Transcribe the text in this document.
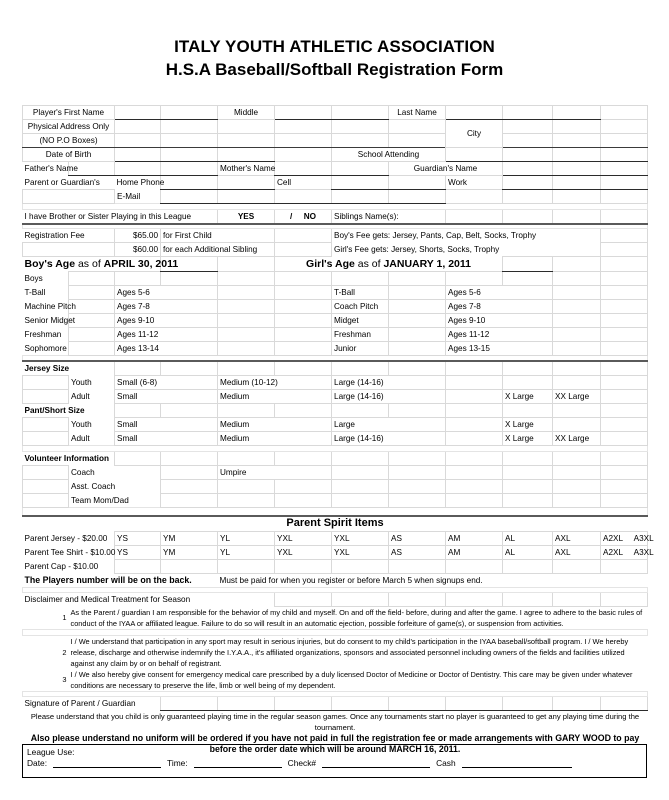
ITALY YOUTH ATHLETIC ASSOCIATION
H.S.A Baseball/Softball Registration Form
Player's First Name				Middle			Last Name				
Physical Address Only								City			
(NO P.O Boxes)											
Date of Birth						School Attending					
Father's Name				Mother's Name			Guardian's Name				
Parent or Guardian's		Home Phone			Cell			Work			
		E-Mail									

I have Brother or Sister Playing in this League				YES	/ NO	Siblings Name(s):					

Registration Fee		$65.00	for First Child			Boy's Fee gets: Jersey, Pants, Cap, Belt, Socks, Trophy					
		$60.00	for each Additional Sibling			Girl's Fee gets: Jersey, Shorts, Socks, Trophy					
Boy's Age as of APRIL 30, 2011					Girl's Age as of JANUARY 1, 2011						
Boys											
T-Ball		Ages 5-6				T-Ball		Ages 5-6			
Machine Pitch		Ages 7-8				Coach Pitch		Ages 7-8			
Senior Midget		Ages 9-10				Midget		Ages 9-10			
Freshman		Ages 11-12				Freshman		Ages 11-12			
Sophomore		Ages 13-14				Junior		Ages 13-15			

Jersey Size											
	Youth	Small (6-8)		Medium (10-12)		Large (14-16)					
	Adult	Small		Medium		Large (14-16)			X Large	XX Large	
Pant/Short Size											
	Youth	Small		Medium		Large			X Large		
	Adult	Small		Medium		Large (14-16)			X Large	XX Large	

Volunteer Information											
	Coach			Umpire							
	Asst. Coach										
	Team Mom/Dad										

Parent Spirit Items											
Parent Jersey - $20.00		YS	YM	YL	YXL	YXL	AS	AM	AL	AXL	A2XL A3XL
Parent Tee Shirt - $10.00		YS	YM	YL	YXL	YXL	AS	AM	AL	AXL	A2XL A3XL
Parent Cap - $10.00											
The Players number will be on the back.				Must be paid for when you register or before March 5 when signups end.							

Disclaimer and Medical Treatment for Season											
1	As the Parent / guardian I am responsible for the behavior of my child and myself. On and off the field- before, during and after the game. I agree to adhere to the basic rules of conduct of the IYAA or affiliated league. Failure to do so will result in an automatic ejection, possible forfeiture of game(s), or suspension from activities.										

2	I / We understand that participation in any sport may result in serious injuries, but do consent to my child's participation in the IYAA baseball/softball program. I / We hereby release, discharge and otherwise indemnify the I.Y.A.A., it's affiliated organizations, sponsors and associated personnel including owners of the fields and facilities utilized against any claim by or on behalf of registrant.										
3	I / We also hereby give consent for emergency medical care prescribed by a duly licensed Doctor of Medicine or Doctor of Dentistry. This care may be given under whatever conditions are necessary to preserve the life, limb or well being of my dependent.										

Signature of Parent / Guardian											
Please understand that you child is only guaranteed playing time in the regular season games. Once any tournaments start no player is guaranteed to get any playing time during the tournament.											
Also please understand no uniform will be ordered if you have not paid in full the registration fee or made arrangements with GARY WOOD to pay before the order date which will be around MARCH 16, 2011.											
League Use:
Date:	Time:	Check#	Cash
